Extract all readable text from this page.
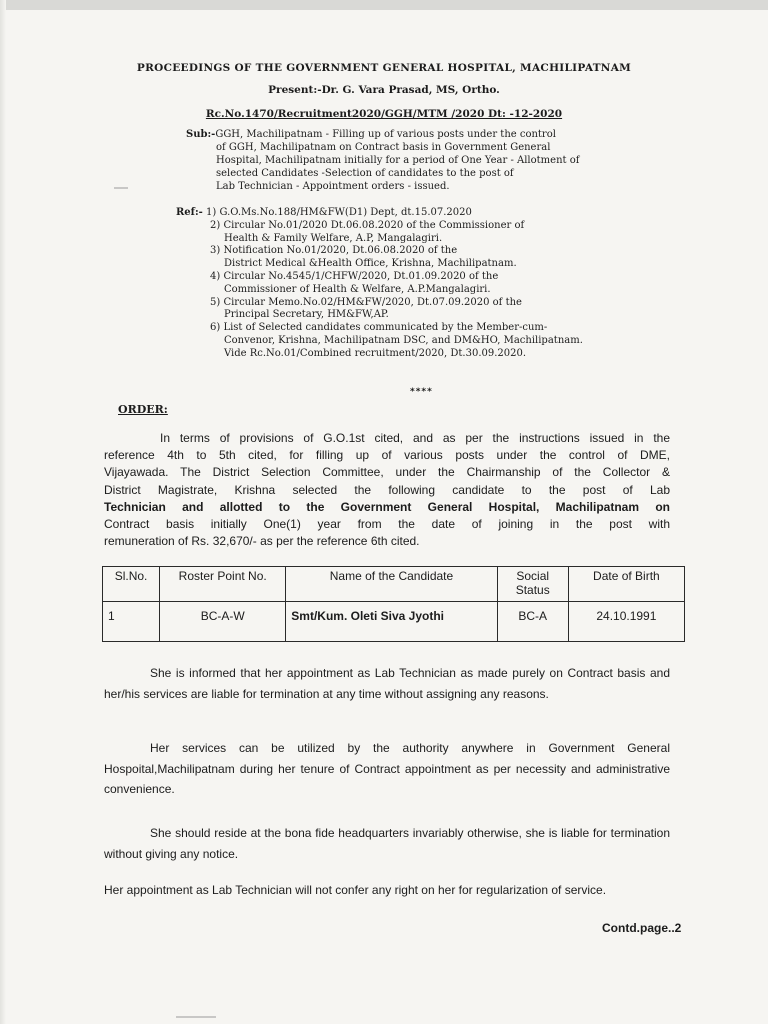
PROCEEDINGS OF THE GOVERNMENT GENERAL HOSPITAL, MACHILIPATNAM
Present:-Dr. G. Vara Prasad, MS, Ortho.
Rc.No.1470/Recruitment2020/GGH/MTM /2020 Dt: -12-2020
Sub:-GGH, Machilipatnam - Filling up of various posts under the control
of GGH, Machilipatnam on Contract basis in Government General
Hospital, Machilipatnam initially for a period of One Year - Allotment of
selected Candidates -Selection of candidates to the post of
Lab Technician - Appointment orders - issued.
Ref:- 1) G.O.Ms.No.188/HM&FW(D1) Dept, dt.15.07.2020
2) Circular No.01/2020 Dt.06.08.2020 of the Commissioner of
Health & Family Welfare, A.P, Mangalagiri.
3) Notification No.01/2020, Dt.06.08.2020 of the
District Medical &Health Office, Krishna, Machilipatnam.
4) Circular No.4545/1/CHFW/2020, Dt.01.09.2020 of the
Commissioner of Health & Welfare, A.P.Mangalagiri.
5) Circular Memo.No.02/HM&FW/2020, Dt.07.09.2020 of the
Principal Secretary, HM&FW,AP.
6) List of Selected candidates communicated by the Member-cum-
Convenor, Krishna, Machilipatnam DSC, and DM&HO, Machilipatnam.
Vide Rc.No.01/Combined recruitment/2020, Dt.30.09.2020.
****
ORDER:
In terms of provisions of G.O.1st cited, and as per the instructions issued in the
reference 4th to 5th cited, for filling up of various posts under the control of DME,
Vijayawada. The District Selection Committee, under the Chairmanship of the Collector &
District Magistrate, Krishna selected the following candidate to the post of Lab
Technician and allotted to the Government General Hospital, Machilipatnam on
Contract basis initially One(1) year from the date of joining in the post with
remuneration of Rs. 32,670/- as per the reference 6th cited.
Sl.No.	Roster Point No.	Name of the Candidate	Social Status	Date of Birth
1	BC-A-W	Smt/Kum. Oleti Siva Jyothi	BC-A	24.10.1991
She is informed that her appointment as Lab Technician as made purely on Contract basis and her/his services are liable for termination at any time without assigning any reasons.
Her services can be utilized by the authority anywhere in Government General Hospoital,Machilipatnam during her tenure of Contract appointment as per necessity and administrative convenience.
She should reside at the bona fide headquarters invariably otherwise, she is liable for termination without giving any notice.
Her appointment as Lab Technician will not confer any right on her for regularization of service.
Contd.page..2
